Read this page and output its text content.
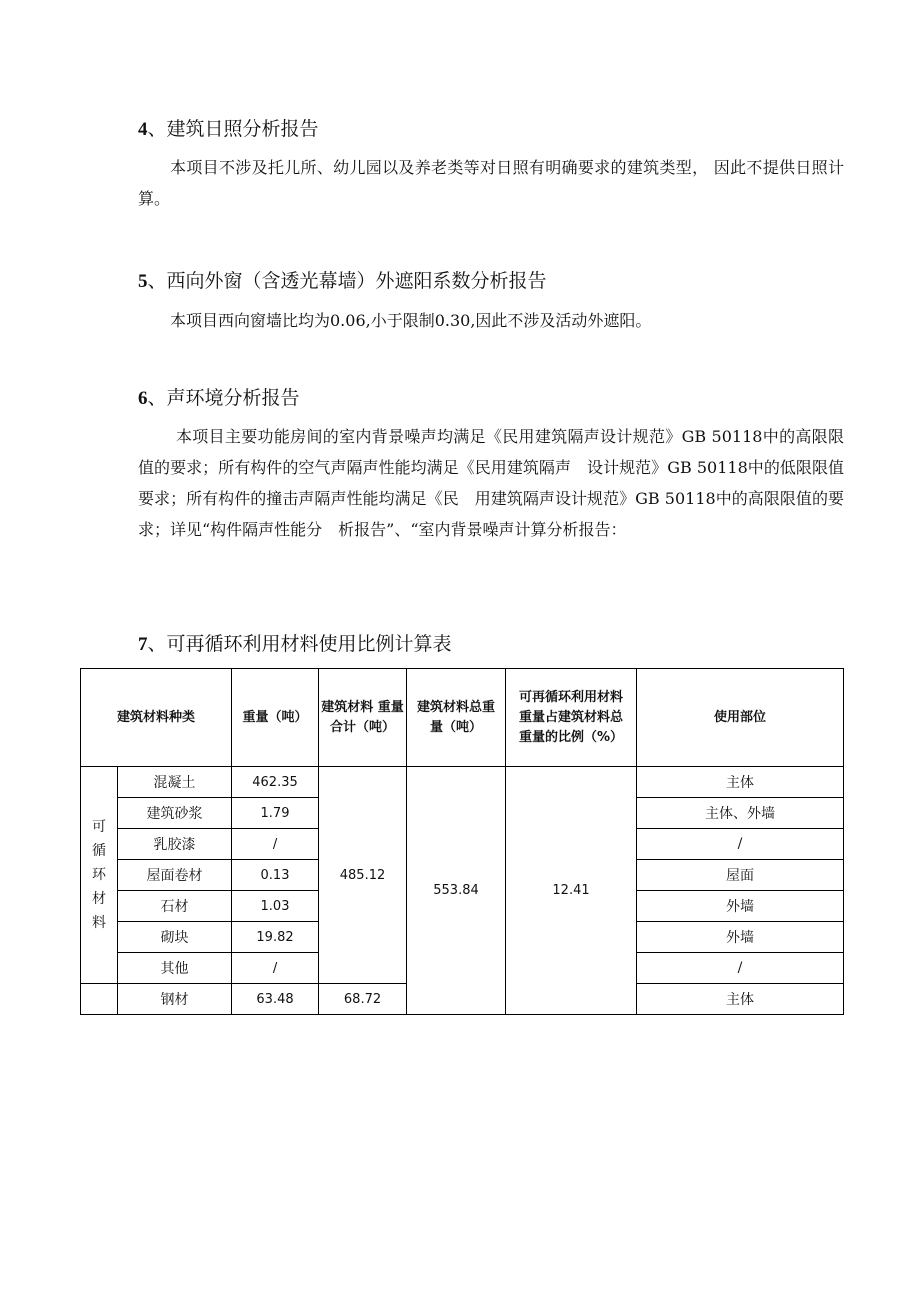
4、建筑日照分析报告

本项目不涉及托儿所、幼儿园以及养老类等对日照有明确要求的建筑类型， 因此不提供日照计算。

5、西向外窗（含透光幕墙）外遮阳系数分析报告

本项目西向窗墙比均为0.06,小于限制0.30,因此不涉及活动外遮阳。

6、声环境分析报告

本项目主要功能房间的室内背景噪声均满足《民用建筑隔声设计规范》GB 50118中的高限限值的要求；所有构件的空气声隔声性能均满足《民用建筑隔声　设计规范》GB 50118中的低限限值要求；所有构件的撞击声隔声性能均满足《民　用建筑隔声设计规范》GB 50118中的高限限值的要求；详见“构件隔声性能分　析报告”、“室内背景噪声计算分析报告：

7、可再循环利用材料使用比例计算表
建筑材料种类		重量（吨）	建筑材料 重量合计（吨）	建筑材料总重量（吨）	可再循环利用材料重量占建筑材料总重量的比例（%）	使用部位
可循环材料	混凝土	462.35	485.12	553.84	12.41	主体
	建筑砂浆	1.79				主体、外墙
	乳胶漆	/				/
	屋面卷材	0.13				屋面
	石材	1.03				外墙
	砌块	19.82				外墙
	其他	/				/
	钢材	63.48	68.72			主体
